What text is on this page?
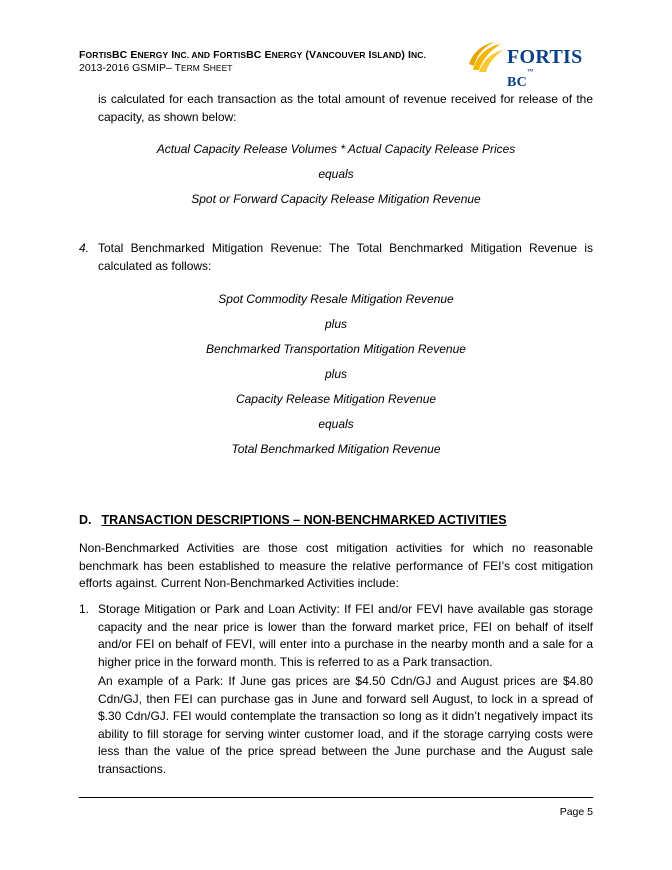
FORTISBC ENERGY INC. AND FORTISBC ENERGY (VANCOUVER ISLAND) INC.
2013-2016 GSMIP– TERM SHEET	FORTIS BC™
is calculated for each transaction as the total amount of revenue received for release of the capacity, as shown below:
Actual Capacity Release Volumes * Actual Capacity Release Prices
equals
Spot or Forward Capacity Release Mitigation Revenue
4. Total Benchmarked Mitigation Revenue: The Total Benchmarked Mitigation Revenue is calculated as follows:
Spot Commodity Resale Mitigation Revenue
plus
Benchmarked Transportation Mitigation Revenue
plus
Capacity Release Mitigation Revenue
equals
Total Benchmarked Mitigation Revenue
D. TRANSACTION DESCRIPTIONS – NON-BENCHMARKED ACTIVITIES
Non-Benchmarked Activities are those cost mitigation activities for which no reasonable benchmark has been established to measure the relative performance of FEI’s cost mitigation efforts against. Current Non-Benchmarked Activities include:
1. Storage Mitigation or Park and Loan Activity: If FEI and/or FEVI have available gas storage capacity and the near price is lower than the forward market price, FEI on behalf of itself and/or FEI on behalf of FEVI, will enter into a purchase in the nearby month and a sale for a higher price in the forward month. This is referred to as a Park transaction.
An example of a Park: If June gas prices are $4.50 Cdn/GJ and August prices are $4.80 Cdn/GJ, then FEI can purchase gas in June and forward sell August, to lock in a spread of $.30 Cdn/GJ. FEI would contemplate the transaction so long as it didn’t negatively impact its ability to fill storage for serving winter customer load, and if the storage carrying costs were less than the value of the price spread between the June purchase and the August sale transactions.
Page 5
